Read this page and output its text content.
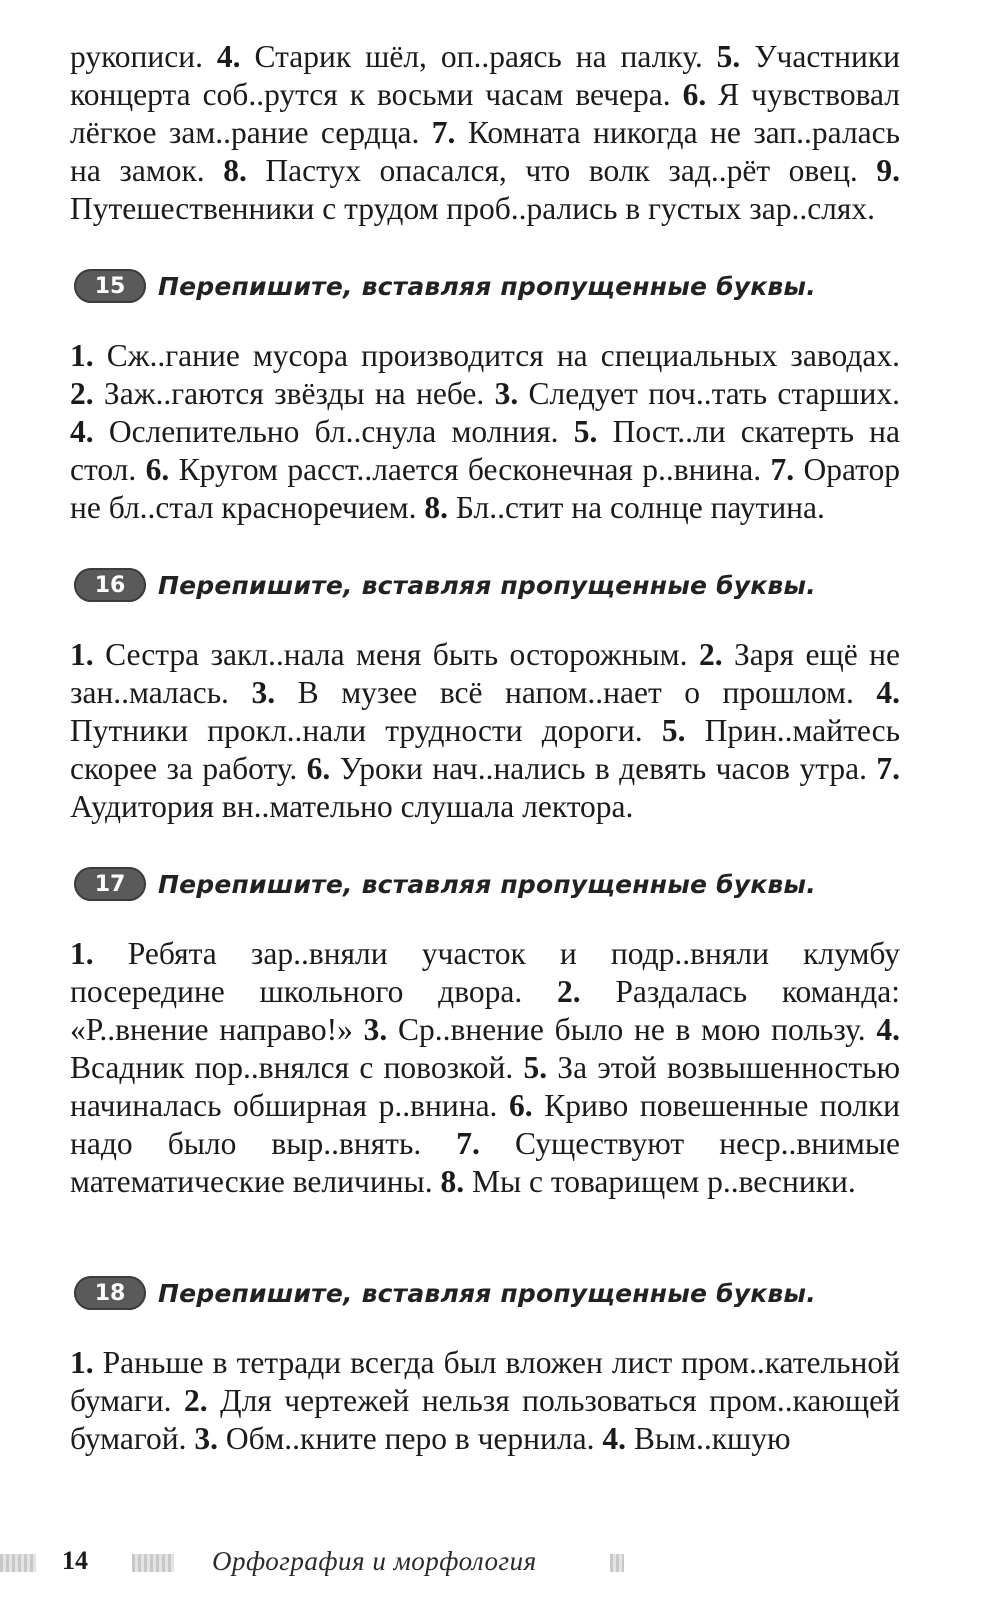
рукописи. 4. Старик шёл, оп..раясь на палку. 5. Участники концерта соб..рутся к восьми часам вечера. 6. Я чувствовал лёгкое зам..рание сердца. 7. Комната никогда не зап..ралась на замок. 8. Пастух опасался, что волк зад..рёт овец. 9. Путешественники с трудом проб..рались в густых зар..слях.

15	Перепишите, вставляя пропущенные буквы.

1. Сж..гание мусора производится на специальных заводах. 2. Заж..гаются звёзды на небе. 3. Следует поч..тать старших. 4. Ослепительно бл..снула молния. 5. Пост..ли скатерть на стол. 6. Кругом расст..лается бесконечная р..внина. 7. Оратор не бл..стал красноречием. 8. Бл..стит на солнце паутина.

16	Перепишите, вставляя пропущенные буквы.

1. Сестра закл..нала меня быть осторожным. 2. Заря ещё не зан..малась. 3. В музее всё напом..нает о прошлом. 4. Путники прокл..нали трудности дороги. 5. Прин..майтесь скорее за работу. 6. Уроки нач..нались в девять часов утра. 7. Аудитория вн..мательно слушала лектора.

17	Перепишите, вставляя пропущенные буквы.

1. Ребята зар..вняли участок и подр..вняли клумбу посередине школьного двора. 2. Раздалась команда: «Р..внение направо!» 3. Ср..внение было не в мою пользу. 4. Всадник пор..внялся с повозкой. 5. За этой возвышенностью начиналась обширная р..внина. 6. Криво повешенные полки надо было выр..внять. 7. Существуют неср..внимые математические величины. 8. Мы с товарищем р..весники.

18	Перепишите, вставляя пропущенные буквы.

1. Раньше в тетради всегда был вложен лист пром..кательной бумаги. 2. Для чертежей нельзя пользоваться пром..кающей бумагой. 3. Обм..кните перо в чернила. 4. Вым..кшую

14	Орфография и морфология
